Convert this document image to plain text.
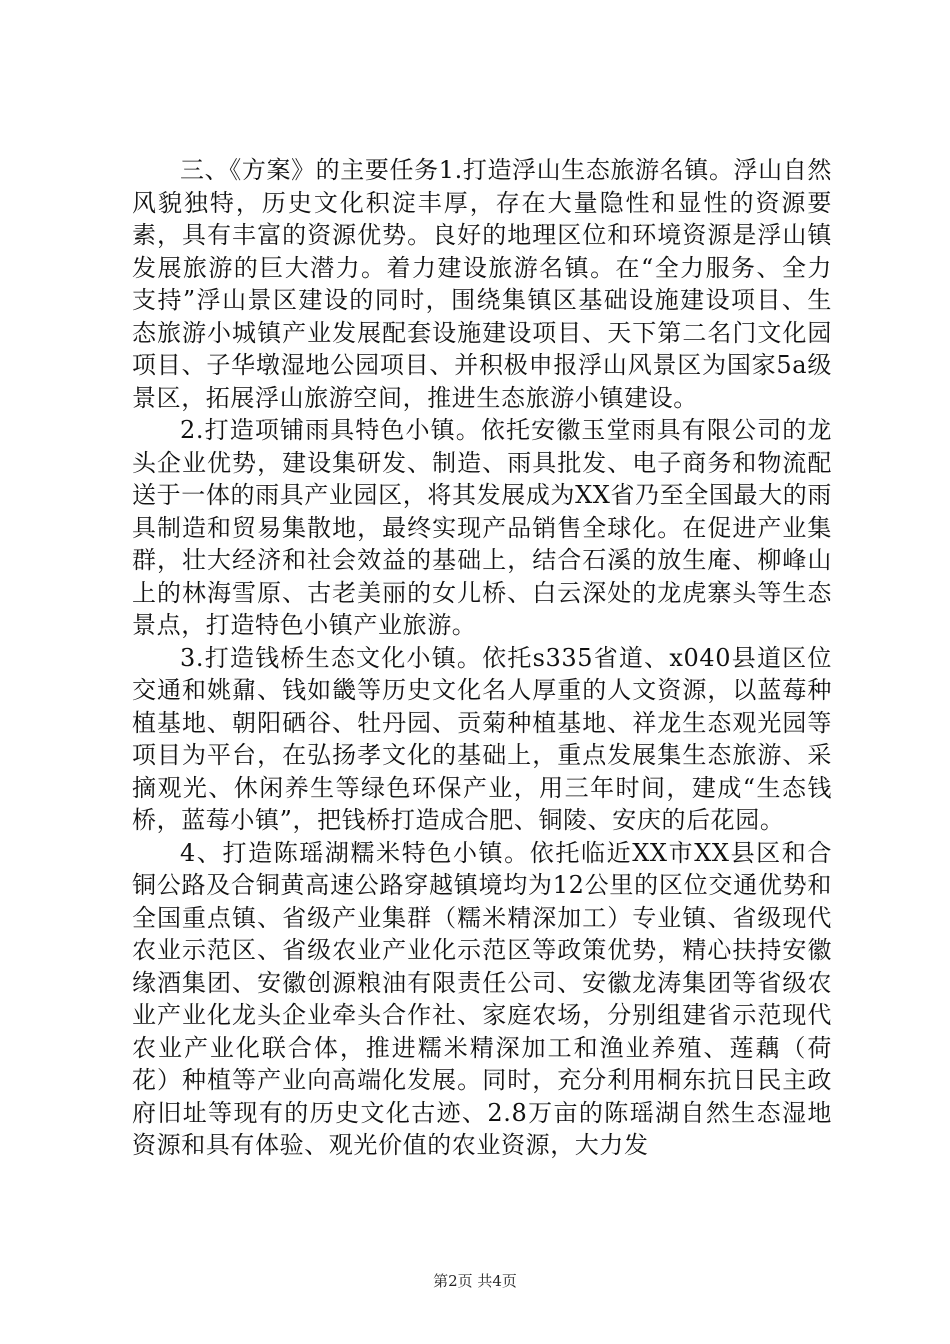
三、《方案》的主要任务1.打造浮山生态旅游名镇。浮山自然风貌独特，历史文化积淀丰厚，存在大量隐性和显性的资源要素，具有丰富的资源优势。良好的地理区位和环境资源是浮山镇发展旅游的巨大潜力。着力建设旅游名镇。在“全力服务、全力支持”浮山景区建设的同时，围绕集镇区基础设施建设项目、生态旅游小城镇产业发展配套设施建设项目、天下第二名门文化园项目、子华墩湿地公园项目、并积极申报浮山风景区为国家5a级景区，拓展浮山旅游空间，推进生态旅游小镇建设。

2.打造项铺雨具特色小镇。依托安徽玉堂雨具有限公司的龙头企业优势，建设集研发、制造、雨具批发、电子商务和物流配送于一体的雨具产业园区，将其发展成为XX省乃至全国最大的雨具制造和贸易集散地，最终实现产品销售全球化。在促进产业集群，壮大经济和社会效益的基础上，结合石溪的放生庵、柳峰山上的林海雪原、古老美丽的女儿桥、白云深处的龙虎寨头等生态景点，打造特色小镇产业旅游。

3.打造钱桥生态文化小镇。依托s335省道、x040县道区位交通和姚鼐、钱如畿等历史文化名人厚重的人文资源，以蓝莓种植基地、朝阳硒谷、牡丹园、贡菊种植基地、祥龙生态观光园等项目为平台，在弘扬孝文化的基础上，重点发展集生态旅游、采摘观光、休闲养生等绿色环保产业，用三年时间，建成“生态钱桥，蓝莓小镇”，把钱桥打造成合肥、铜陵、安庆的后花园。

4、打造陈瑶湖糯米特色小镇。依托临近XX市XX县区和合铜公路及合铜黄高速公路穿越镇境均为12公里的区位交通优势和全国重点镇、省级产业集群（糯米精深加工）专业镇、省级现代农业示范区、省级农业产业化示范区等政策优势，精心扶持安徽缘酒集团、安徽创源粮油有限责任公司、安徽龙涛集团等省级农业产业化龙头企业牵头合作社、家庭农场，分别组建省示范现代农业产业化联合体，推进糯米精深加工和渔业养殖、莲藕（荷花）种植等产业向高端化发展。同时，充分利用桐东抗日民主政府旧址等现有的历史文化古迹、2.8万亩的陈瑶湖自然生态湿地资源和具有体验、观光价值的农业资源，大力发

第2页 共4页
